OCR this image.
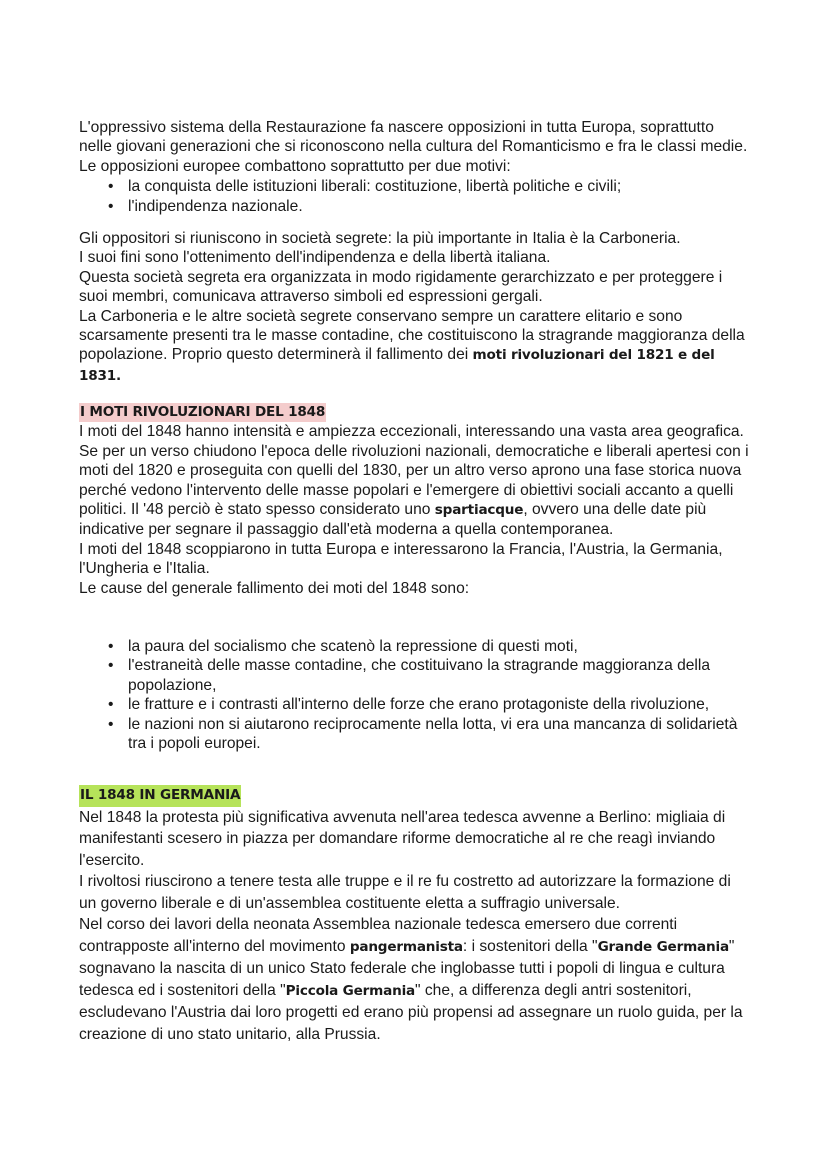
L'oppressivo sistema della Restaurazione fa nascere opposizioni in tutta Europa, soprattutto nelle giovani generazioni che si riconoscono nella cultura del Romanticismo e fra le classi medie. Le opposizioni europee combattono soprattutto per due motivi:

• la conquista delle istituzioni liberali: costituzione, libertà politiche e civili;
• l'indipendenza nazionale.

Gli oppositori si riuniscono in società segrete: la più importante in Italia è la Carboneria.

I suoi fini sono l'ottenimento dell'indipendenza e della libertà italiana.

Questa società segreta era organizzata in modo rigidamente gerarchizzato e per proteggere i suoi membri, comunicava attraverso simboli ed espressioni gergali.

La Carboneria e le altre società segrete conservano sempre un carattere elitario e sono scarsamente presenti tra le masse contadine, che costituiscono la stragrande maggioranza della popolazione. Proprio questo determinerà il fallimento dei moti rivoluzionari del 1821 e del 1831.

I MOTI RIVOLUZIONARI DEL 1848

I moti del 1848 hanno intensità e ampiezza eccezionali, interessando una vasta area geografica. Se per un verso chiudono l'epoca delle rivoluzioni nazionali, democratiche e liberali apertesi con i moti del 1820 e proseguita con quelli del 1830, per un altro verso aprono una fase storica nuova perché vedono l'intervento delle masse popolari e l'emergere di obiettivi sociali accanto a quelli politici. Il '48 perciò è stato spesso considerato uno spartiacque, ovvero una delle date più indicative per segnare il passaggio dall'età moderna a quella contemporanea.

I moti del 1848 scoppiarono in tutta Europa e interessarono la Francia, l'Austria, la Germania, l'Ungheria e l'Italia.

Le cause del generale fallimento dei moti del 1848 sono:

• la paura del socialismo che scatenò la repressione di questi moti,
• l'estraneità delle masse contadine, che costituivano la stragrande maggioranza della popolazione,
• le fratture e i contrasti all'interno delle forze che erano protagoniste della rivoluzione,
• le nazioni non si aiutarono reciprocamente nella lotta, vi era una mancanza di solidarietà tra i popoli europei.
IL 1848 IN GERMANIA

Nel 1848 la protesta più significativa avvenuta nell'area tedesca avvenne a Berlino: migliaia di manifestanti scesero in piazza per domandare riforme democratiche al re che reagì inviando l'esercito.

I rivoltosi riuscirono a tenere testa alle truppe e il re fu costretto ad autorizzare la formazione di un governo liberale e di un'assemblea costituente eletta a suffragio universale.

Nel corso dei lavori della neonata Assemblea nazionale tedesca emersero due correnti contrapposte all'interno del movimento pangermanista: i sostenitori della "Grande Germania" sognavano la nascita di un unico Stato federale che inglobasse tutti i popoli di lingua e cultura tedesca ed i sostenitori della "Piccola Germania" che, a differenza degli antri sostenitori, escludevano l'Austria dai loro progetti ed erano più propensi ad assegnare un ruolo guida, per la creazione di uno stato unitario, alla Prussia.
